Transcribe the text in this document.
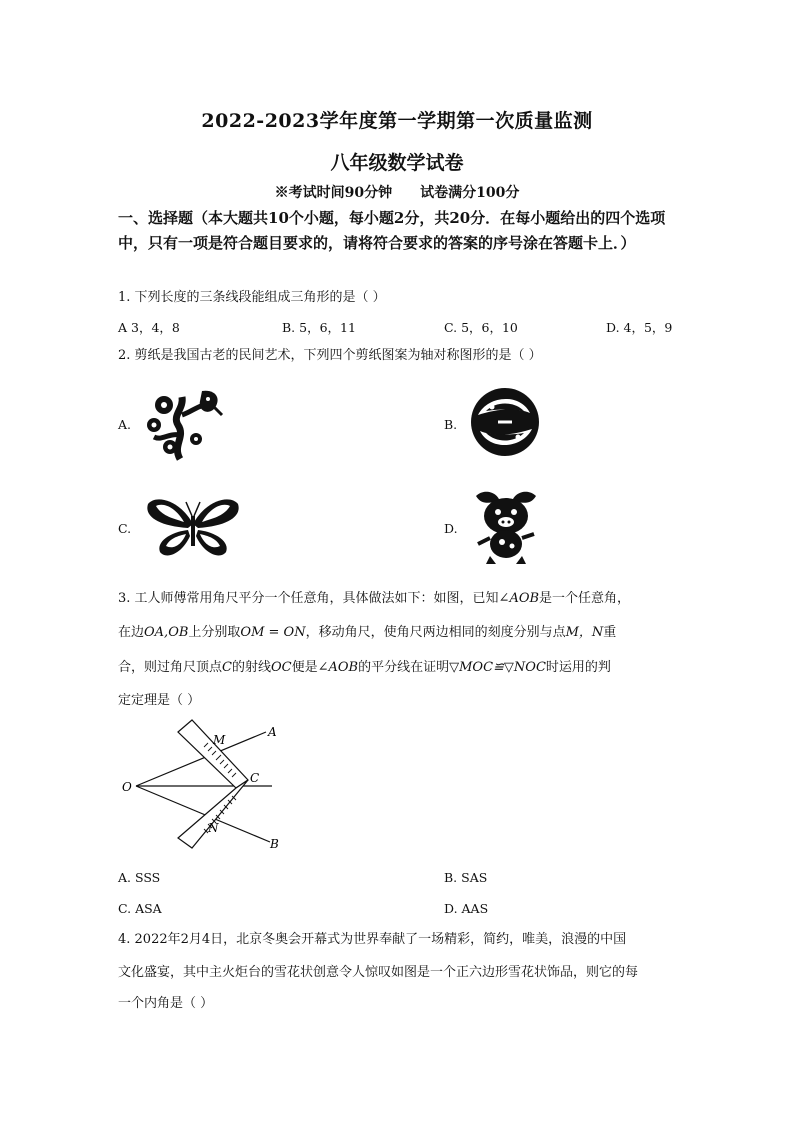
2022-2023学年度第一学期第一次质量监测
八年级数学试卷
※考试时间90分钟 试卷满分100分
一、选择题（本大题共10个小题，每小题2分，共20分．在每小题给出的四个选项中，只有一项是符合题目要求的，请将符合要求的答案的序号涂在答题卡上．）
1. 下列长度的三条线段能组成三角形的是（ ）
A 3，4，8	B. 5，6，11	C. 5，6，10	D. 4，5，9
2. 剪纸是我国古老的民间艺术，下列四个剪纸图案为轴对称图形的是（ ）
A.	B.
C.	D.
3. 工人师傅常用角尺平分一个任意角，具体做法如下：如图，已知∠AOB是一个任意角，
在边OA,OB上分别取OM = ON，移动角尺，使角尺两边相同的刻度分别与点M，N重
合，则过角尺顶点C的射线OC便是∠AOB的平分线在证明▽MOC≌▽NOC时运用的判
定定理是（ ）
O
M
A
C
N
B
A. SSS	B. SAS
C. ASA	D. AAS
4. 2022年2月4日，北京冬奥会开幕式为世界奉献了一场精彩，简约，唯美，浪漫的中国
文化盛宴，其中主火炬台的雪花状创意令人惊叹如图是一个正六边形雪花状饰品，则它的每
一个内角是（ ）
